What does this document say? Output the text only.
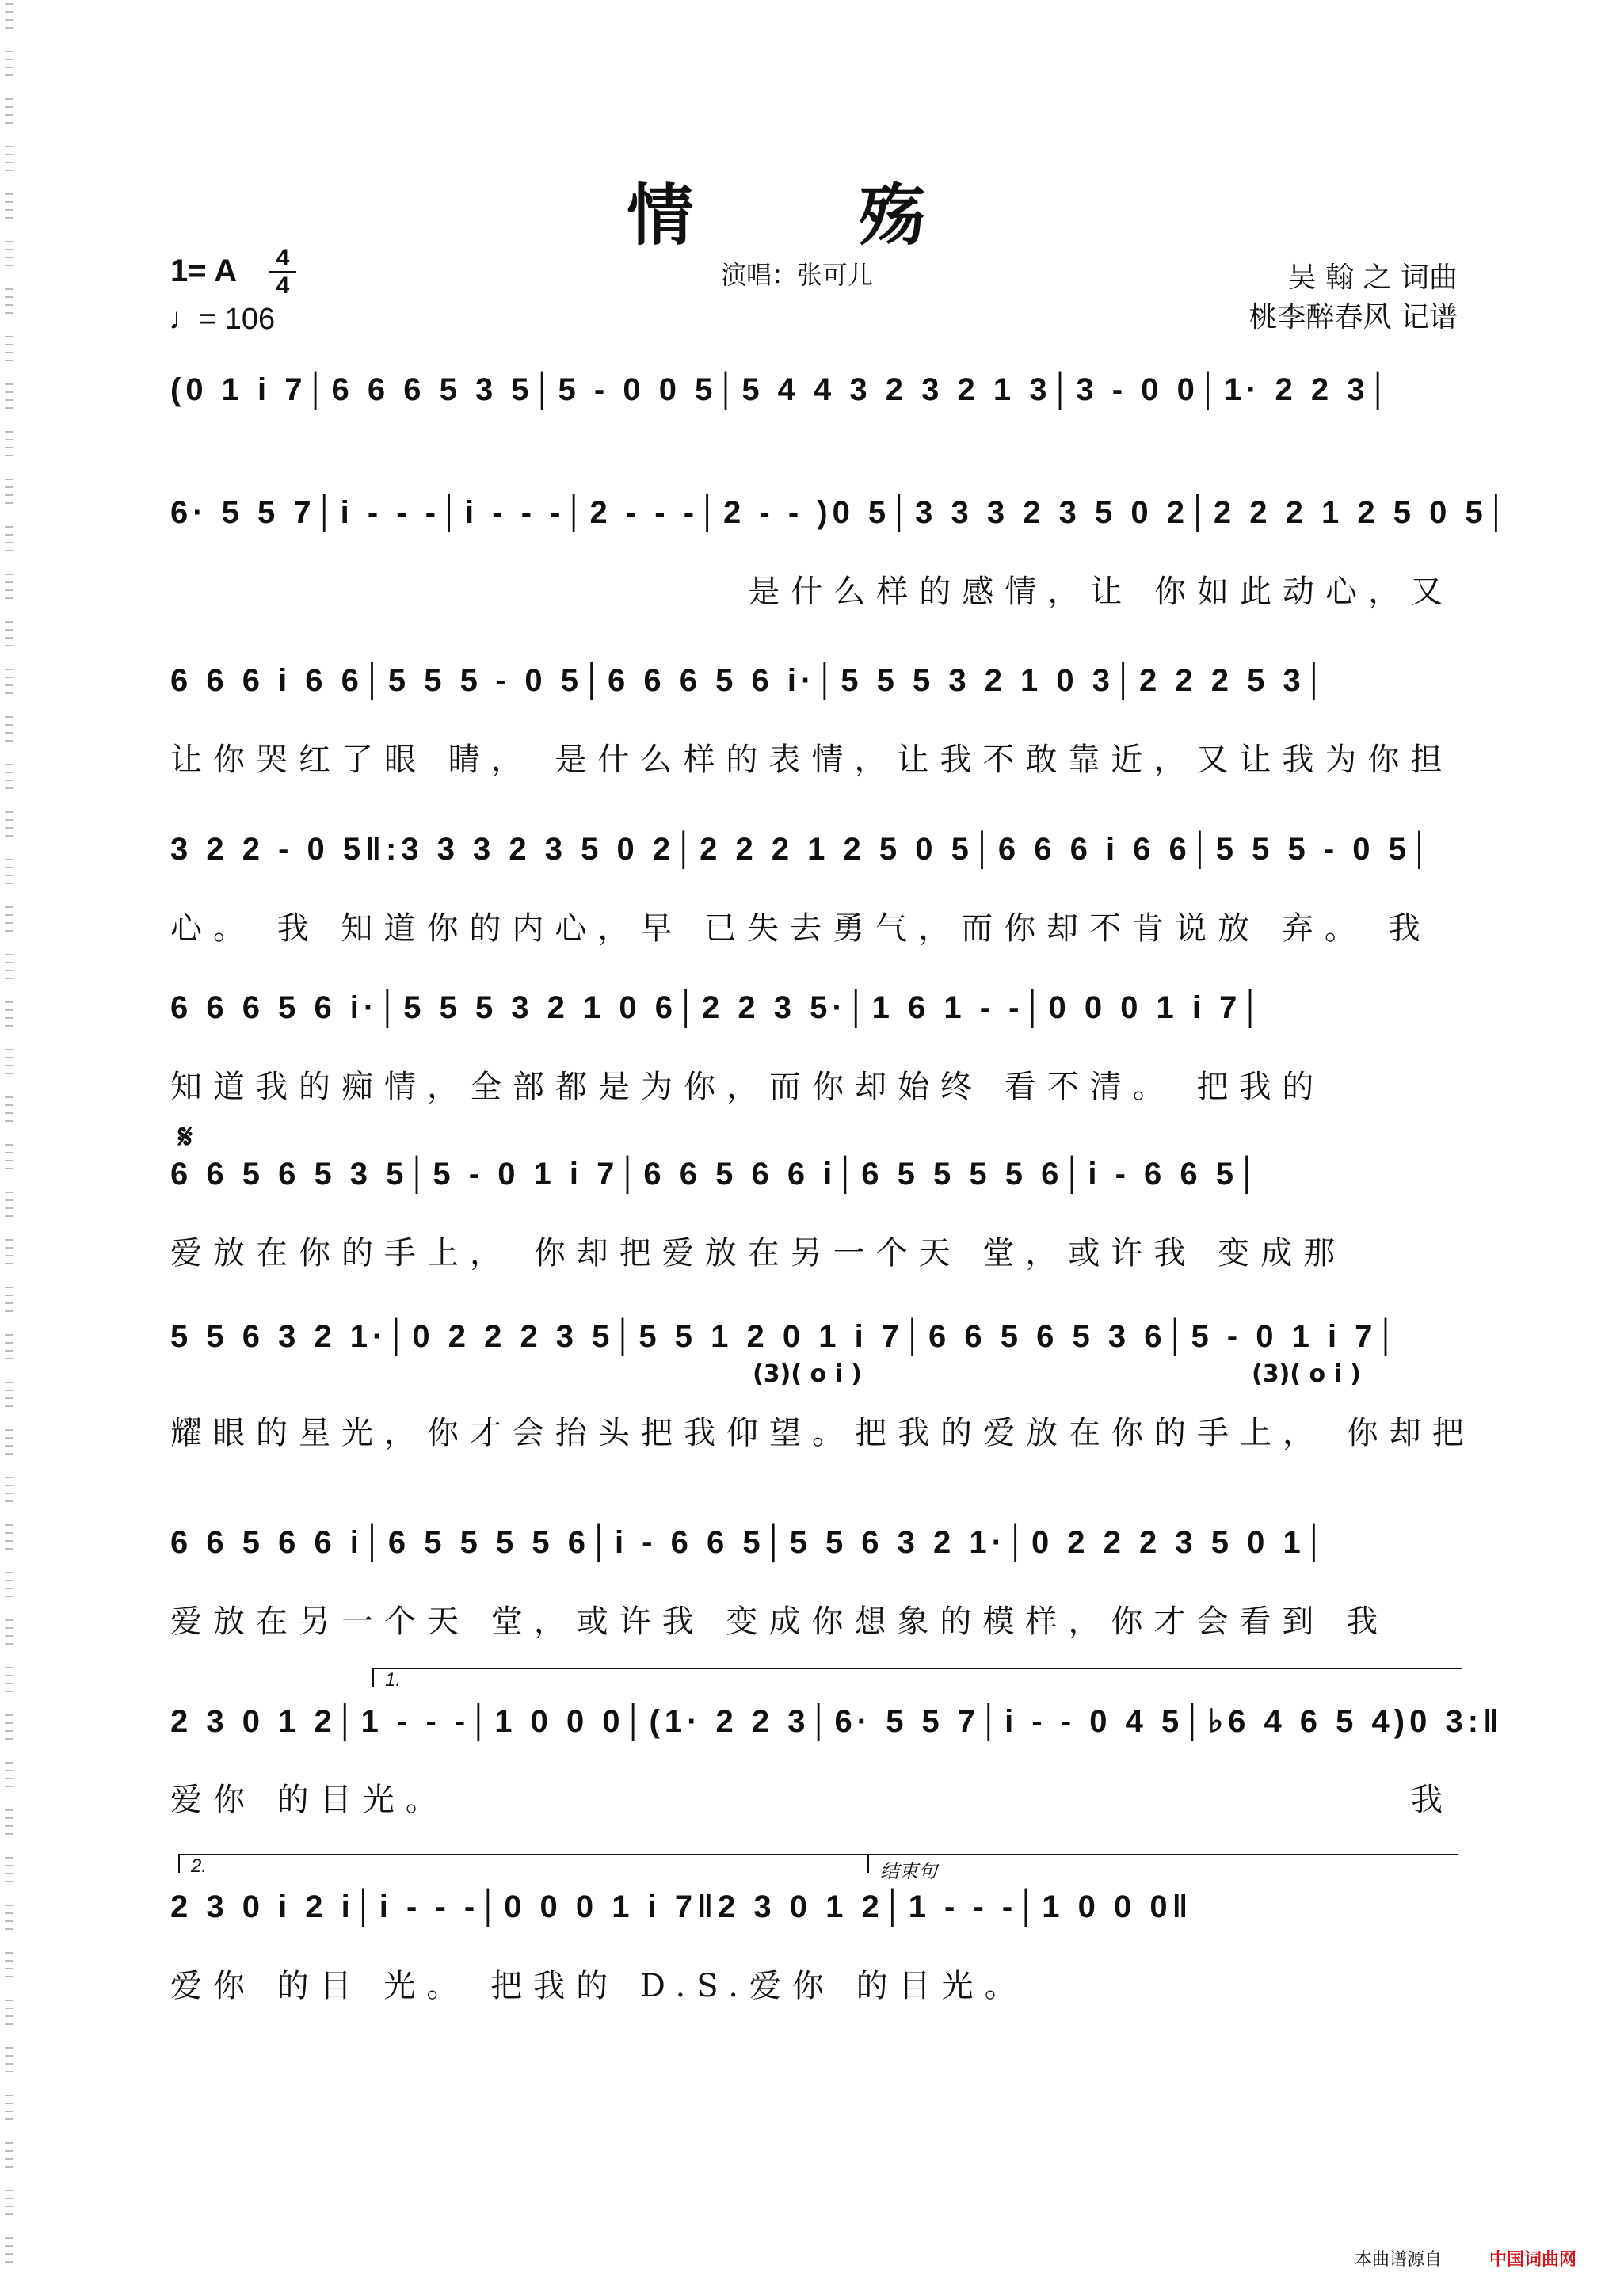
情 殇
1= A 4
4
♩= 106
演唱：张可儿	吴 翰 之 词曲
桃李醉春风 记谱
(0 1 i 7│6 6 6 5 3 5│5 - 0 0 5│5 4 4 3 2 3 2 1 3│3 - 0 0│1· 2 2 3│
6· 5 5 7│i - - -│i - - -│2 - - -│2 - - )0 5│3 3 3 2 3 5 0 2│2 2 2 1 2 5 0 5│
是什么样的感情，让 你如此动心，又
6 6 6 i 6 6│5 5 5 - 0 5│6 6 6 5 6 i·│5 5 5 3 2 1 0 3│2 2 2 5 3│
让你哭红了眼 睛， 是什么样的表情，让我不敢靠近，又让我为你担
3 2 2 - 0 5‖:3 3 3 2 3 5 0 2│2 2 2 1 2 5 0 5│6 6 6 i 6 6│5 5 5 - 0 5│
心。 我 知道你的内心，早 已失去勇气，而你却不肯说放 弃。 我
6 6 6 5 6 i·│5 5 5 3 2 1 0 6│2 2 3 5·│1 6 1 - -│0 0 0 1 i 7│
知道我的痴情，全部都是为你，而你却始终 看不清。 把我的
𝄋
6 6 5 6 5 3 5│5 - 0 1 i 7│6 6 5 6 6 i│6 5 5 5 5 6│i - 6 6 5│
爱放在你的手上， 你却把爱放在另一个天 堂，或许我 变成那
5 5 6 3 2 1·│0 2 2 2 3 5│5 5 1 2 0 1 i 7│6 6 5 6 5 3 6│5 - 0 1 i 7│
(3)( o i )	(3)( o i )
耀眼的星光，你才会抬头把我仰望。把我的爱放在你的手上， 你却把
6 6 5 6 6 i│6 5 5 5 5 6│i - 6 6 5│5 5 6 3 2 1·│0 2 2 2 3 5 0 1│
爱放在另一个天 堂，或许我 变成你想象的模样，你才会看到 我
1.
2 3 0 1 2│1 - - -│1 0 0 0│(1· 2 2 3│6· 5 5 7│i - - 0 4 5│♭6 4 6 5 4)0 3:‖
爱你 的目光。	我
2.	结束句
2 3 0 i 2 i│i - - -│0 0 0 1 i 7‖2 3 0 1 2│1 - - -│1 0 0 0‖
爱你 的目 光。 把我的 D.S.爱你 的目光。
本曲谱源自	中国词曲网
